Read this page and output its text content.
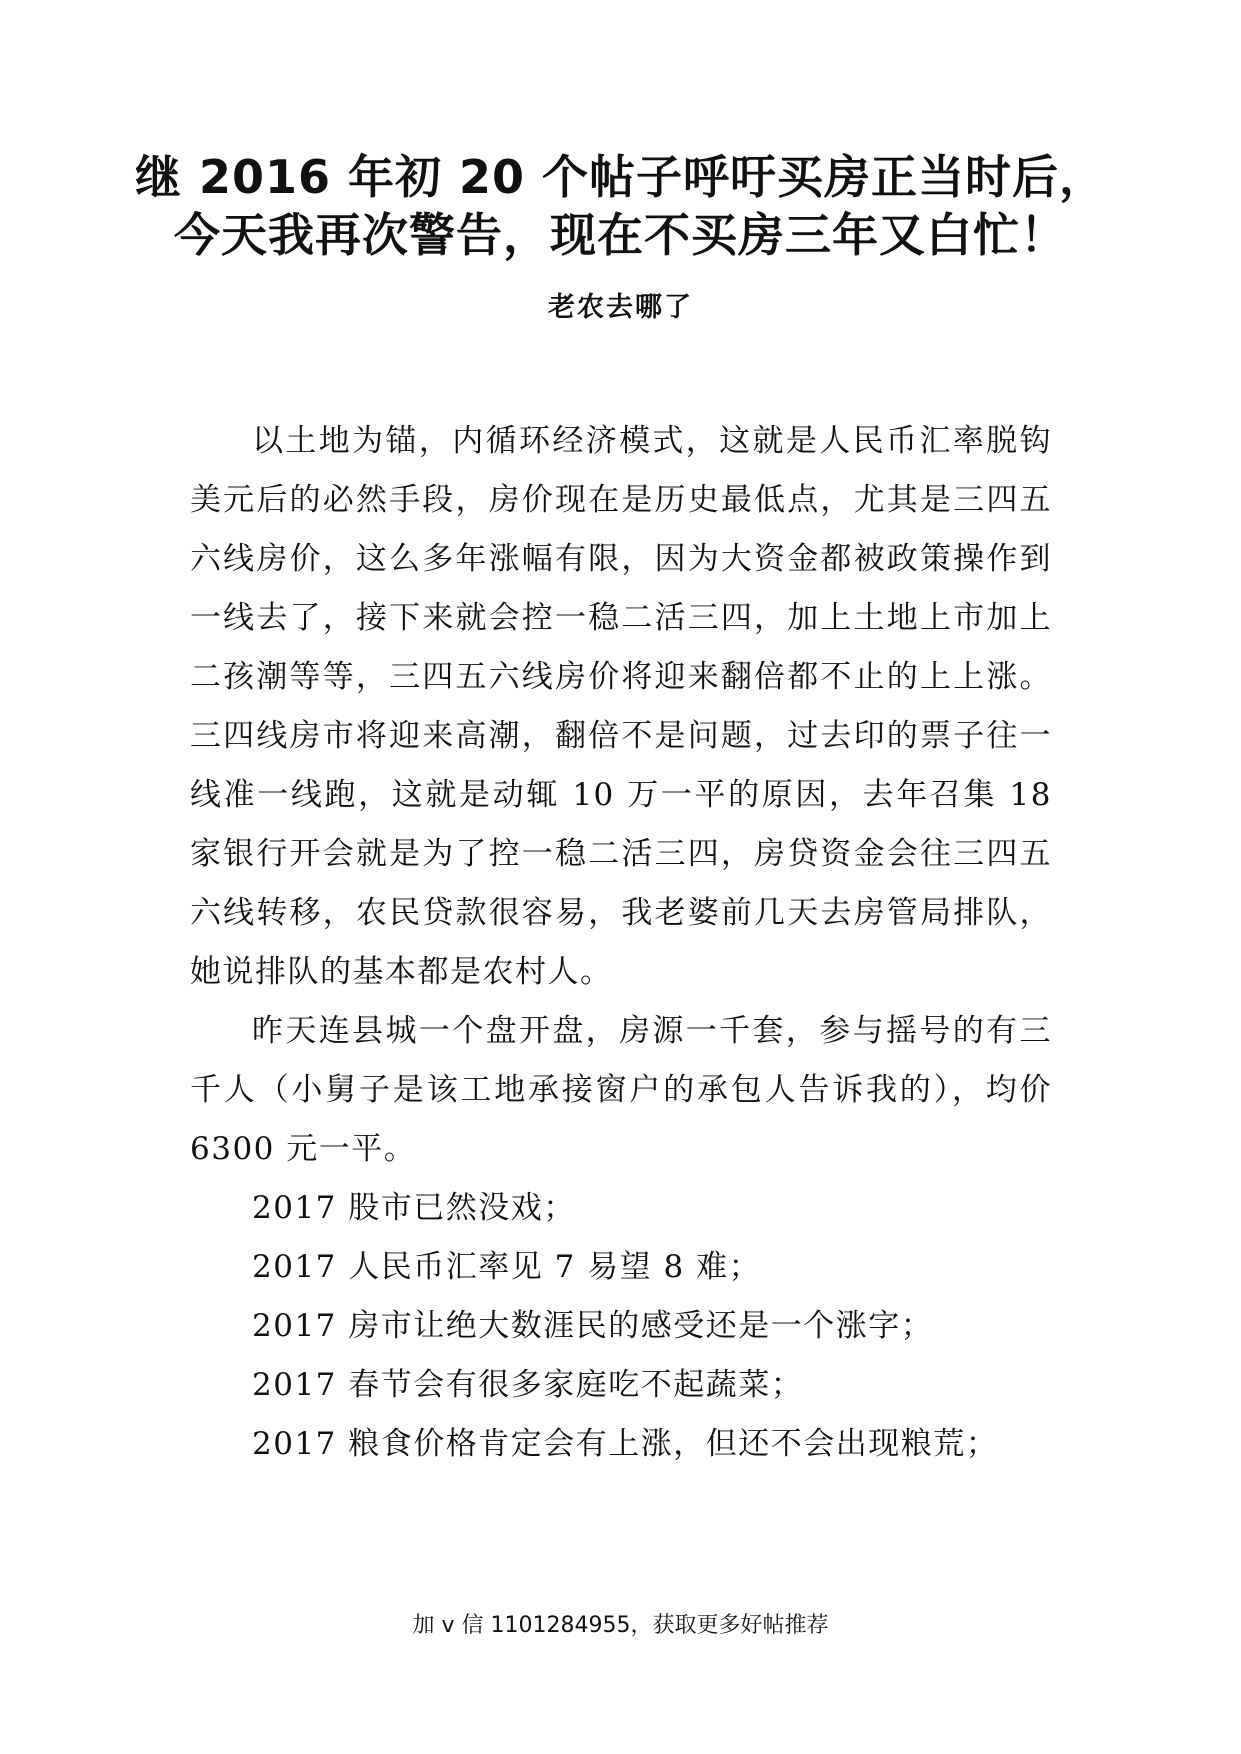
继 2016 年初 20 个帖子呼吁买房正当时后，

今天我再次警告，现在不买房三年又白忙！

老农去哪了

以土地为锚，内循环经济模式，这就是人民币汇率脱钩美元后的必然手段，房价现在是历史最低点，尤其是三四五六线房价，这么多年涨幅有限，因为大资金都被政策操作到一线去了，接下来就会控一稳二活三四，加上土地上市加上二孩潮等等，三四五六线房价将迎来翻倍都不止的上上涨。三四线房市将迎来高潮，翻倍不是问题，过去印的票子往一线准一线跑，这就是动辄 10 万一平的原因，去年召集 18 家银行开会就是为了控一稳二活三四，房贷资金会往三四五六线转移，农民贷款很容易，我老婆前几天去房管局排队，她说排队的基本都是农村人。

昨天连县城一个盘开盘，房源一千套，参与摇号的有三千人（小舅子是该工地承接窗户的承包人告诉我的），均价 6300 元一平。

2017 股市已然没戏；

2017 人民币汇率见 7 易望 8 难；

2017 房市让绝大数涯民的感受还是一个涨字；

2017 春节会有很多家庭吃不起蔬菜；

2017 粮食价格肯定会有上涨，但还不会出现粮荒；

加 v 信 1101284955，获取更多好帖推荐
